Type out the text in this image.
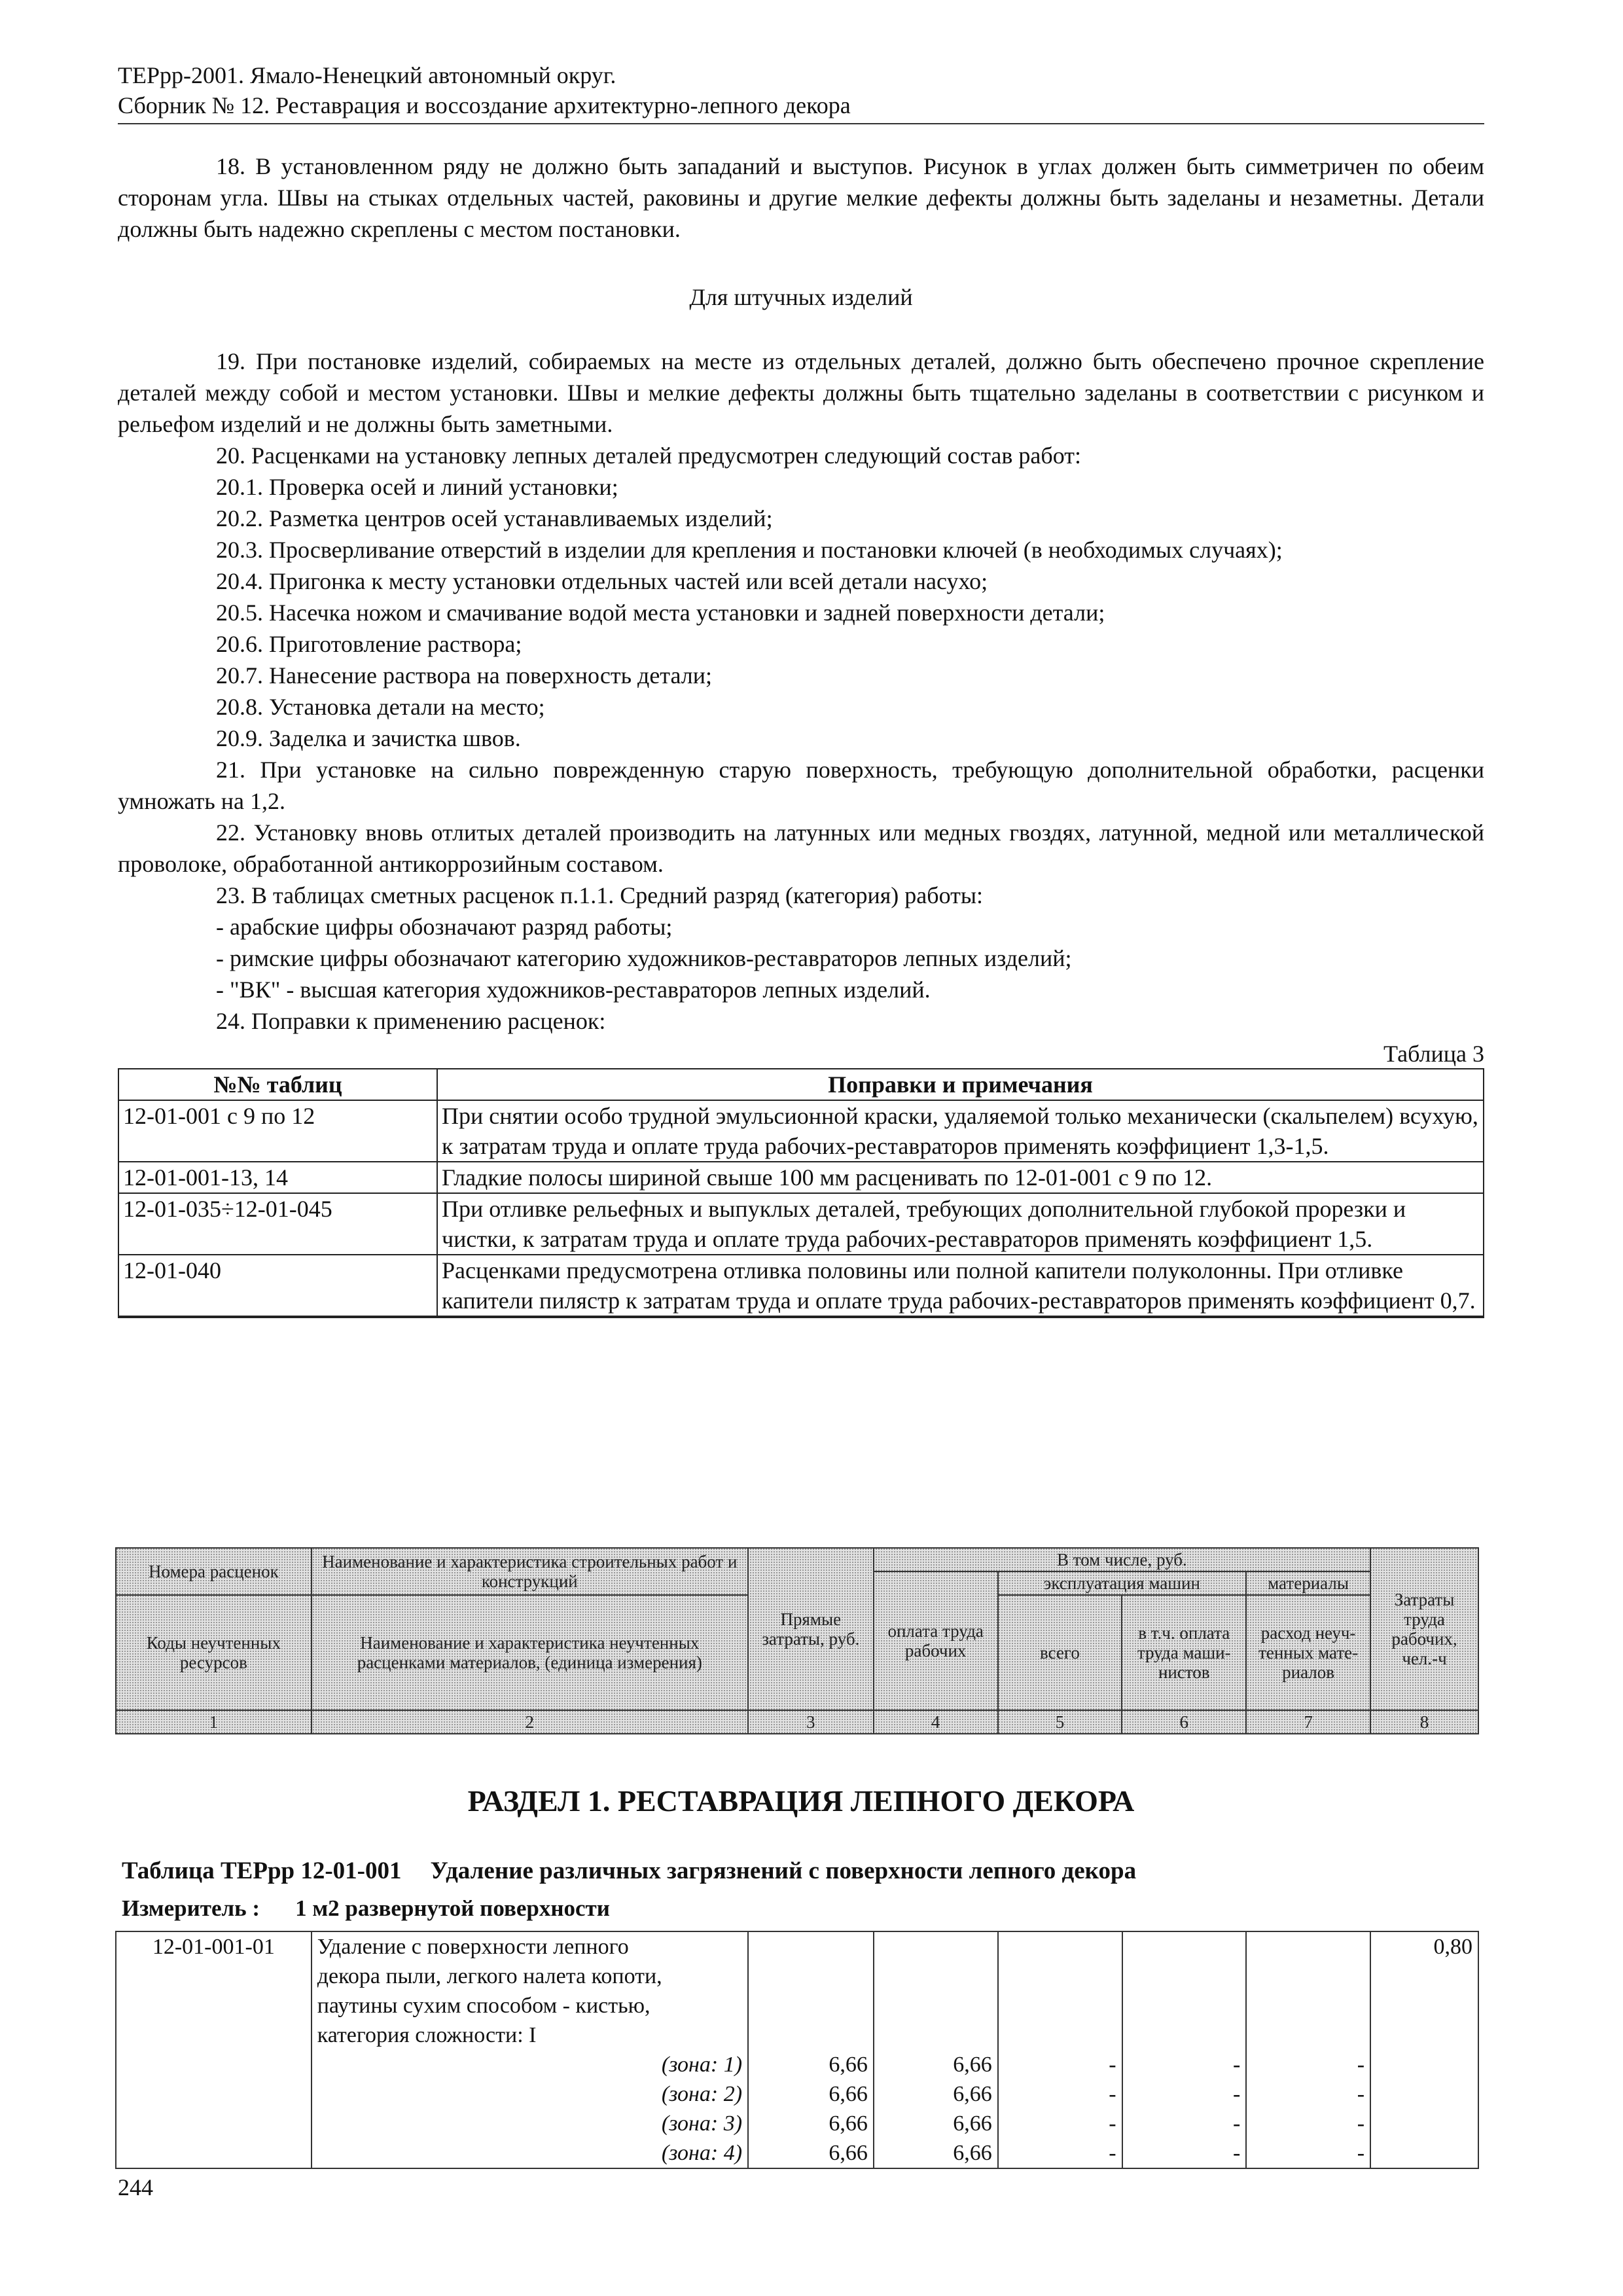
ТЕРрр-2001. Ямало-Ненецкий автономный округ.
Сборник № 12. Реставрация и воссоздание архитектурно-лепного декора

18. В установленном ряду не должно быть западаний и выступов. Рисунок в углах должен быть симметричен по обеим сторонам угла. Швы на стыках отдельных частей, раковины и другие мелкие дефекты должны быть заделаны и незаметны. Детали должны быть надежно скреплены с местом постановки.

Для штучных изделий

19. При постановке изделий, собираемых на месте из отдельных деталей, должно быть обеспечено прочное скрепление деталей между собой и местом установки. Швы и мелкие дефекты должны быть тщательно заделаны в соответствии с рисунком и рельефом изделий и не должны быть заметными.

20. Расценками на установку лепных деталей предусмотрен следующий состав работ:

20.1. Проверка осей и линий установки;

20.2. Разметка центров осей устанавливаемых изделий;

20.3. Просверливание отверстий в изделии для крепления и постановки ключей (в необходимых случаях);

20.4. Пригонка к месту установки отдельных частей или всей детали насухо;

20.5. Насечка ножом и смачивание водой места установки и задней поверхности детали;

20.6. Приготовление раствора;

20.7. Нанесение раствора на поверхность детали;

20.8. Установка детали на место;

20.9. Заделка и зачистка швов.

21. При установке на сильно поврежденную старую поверхность, требующую дополнительной обработки, расценки умножать на 1,2.

22. Установку вновь отлитых деталей производить на латунных или медных гвоздях, латунной, медной или металлической проволоке, обработанной антикоррозийным составом.

23. В таблицах сметных расценок п.1.1. Средний разряд (категория) работы:

- арабские цифры обозначают разряд работы;

- римские цифры обозначают категорию художников-реставраторов лепных изделий;

- "ВК" - высшая категория художников-реставраторов лепных изделий.

24. Поправки к применению расценок:

Таблица 3
№№ таблиц	Поправки и примечания
12-01-001 с 9 по 12	При снятии особо трудной эмульсионной краски, удаляемой только механически (скальпелем) всухую, к затратам труда и оплате труда рабочих-реставраторов применять коэффициент 1,3-1,5.
12-01-001-13, 14	Гладкие полосы шириной свыше 100 мм расценивать по 12-01-001 с 9 по 12.
12-01-035÷12-01-045	При отливке рельефных и выпуклых деталей, требующих дополнительной глубокой прорезки и чистки, к затратам труда и оплате труда рабочих-реставраторов применять коэффициент 1,5.
12-01-040	Расценками предусмотрена отливка половины или полной капители полуколонны. При отливке капители пилястр к затратам труда и оплате труда рабочих-реставраторов применять коэффициент 0,7.
Номера расценок	Наименование и характеристика строительных работ и конструкций	Прямые затраты, руб.	В том числе, руб.				Затраты труда рабочих, чел.-ч
			оплата труда рабочих	эксплуатация машин		материалы	
Коды неучтенных ресурсов	Наименование и характеристика неучтенных расценками материалов, (единица измерения)			всего	в т.ч. оплата труда маши-нистов	расход неуч-тенных мате-риалов	

1	2	3	4	5	6	7	8
РАЗДЕЛ 1. РЕСТАВРАЦИЯ ЛЕПНОГО ДЕКОРА
Таблица ТЕРрр 12-01-001 Удаление различных загрязнений с поверхности лепного декора
Измеритель : 1 м2 развернутой поверхности
12-01-001-01	Удаление с поверхности лепного						0,80
	декора пыли, легкого налета копоти,						
	паутины сухим способом - кистью,						
	категория сложности: I						
	(зона: 1)	6,66	6,66	-	-	-	
	(зона: 2)	6,66	6,66	-	-	-	
	(зона: 3)	6,66	6,66	-	-	-	
	(зона: 4)	6,66	6,66	-	-	-	
244
